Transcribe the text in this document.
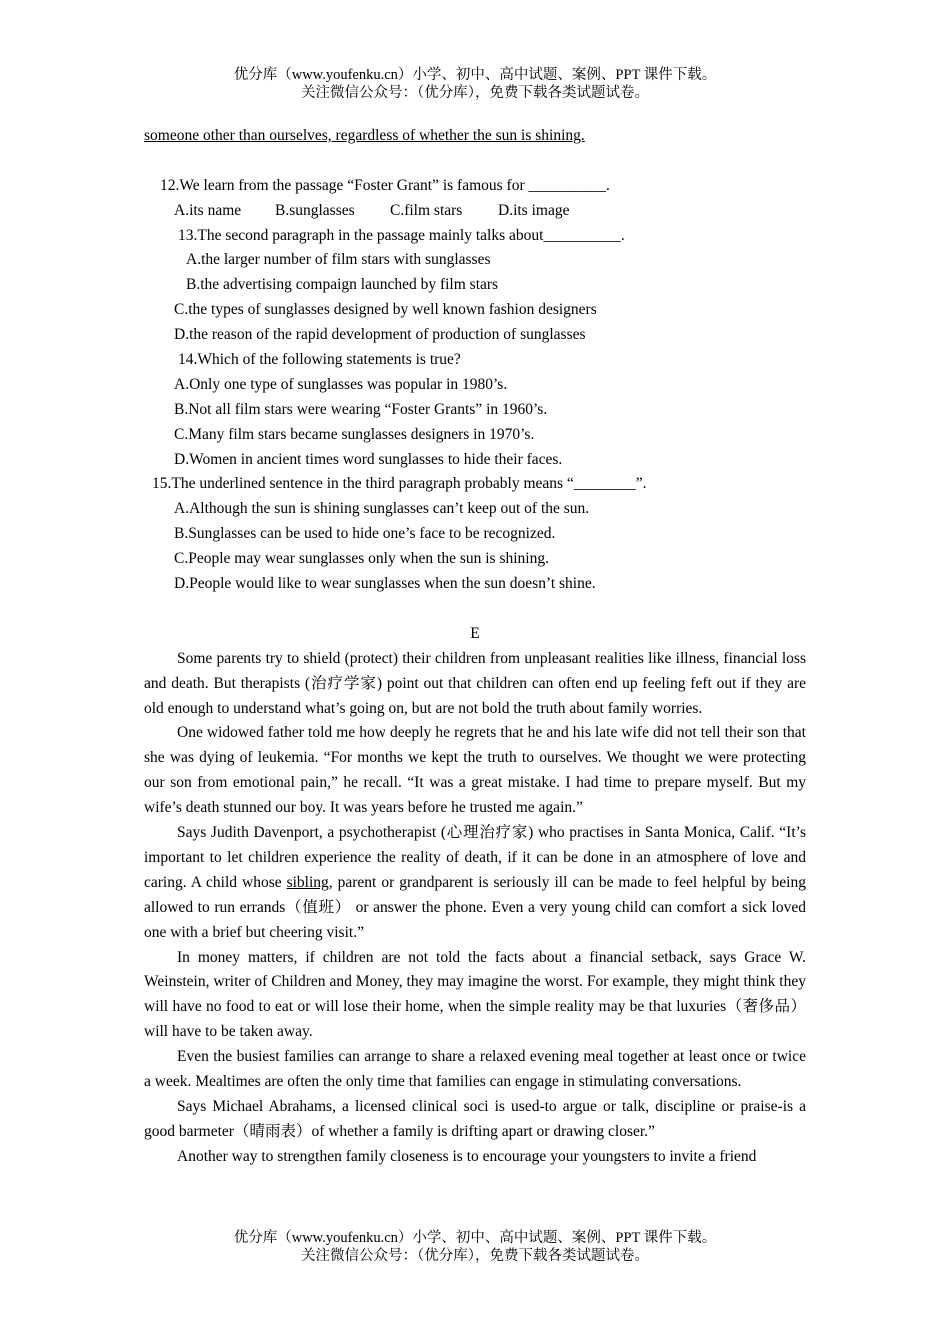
优分库（www.youfenku.cn）小学、初中、高中试题、案例、PPT 课件下载。
关注微信公众号：（优分库），免费下载各类试题试卷。
someone other than ourselves, regardless of whether the sun is shining.
12.We learn from the passage “Foster Grant” is famous for __________.
A.its name B.sunglasses C.film stars D.its image
13.The second paragraph in the passage mainly talks about__________.
A.the larger number of film stars with sunglasses
B.the advertising compaign launched by film stars
C.the types of sunglasses designed by well known fashion designers
D.the reason of the rapid development of production of sunglasses
14.Which of the following statements is true?
A.Only one type of sunglasses was popular in 1980’s.
B.Not all film stars were wearing “Foster Grants” in 1960’s.
C.Many film stars became sunglasses designers in 1970’s.
D.Women in ancient times word sunglasses to hide their faces.
15.The underlined sentence in the third paragraph probably means “________”.
A.Although the sun is shining sunglasses can’t keep out of the sun.
B.Sunglasses can be used to hide one’s face to be recognized.
C.People may wear sunglasses only when the sun is shining.
D.People would like to wear sunglasses when the sun doesn’t shine.
E

Some parents try to shield (protect) their children from unpleasant realities like illness, financial loss and death. But therapists (治疗学家) point out that children can often end up feeling feft out if they are old enough to understand what’s going on, but are not bold the truth about family worries.

One widowed father told me how deeply he regrets that he and his late wife did not tell their son that she was dying of leukemia. “For months we kept the truth to ourselves. We thought we were protecting our son from emotional pain,” he recall. “It was a great mistake. I had time to prepare myself. But my wife’s death stunned our boy. It was years before he trusted me again.”

Says Judith Davenport, a psychotherapist (心理治疗家) who practises in Santa Monica, Calif. “It’s important to let children experience the reality of death, if it can be done in an atmosphere of love and caring. A child whose sibling, parent or grandparent is seriously ill can be made to feel helpful by being allowed to run errands（值班） or answer the phone. Even a very young child can comfort a sick loved one with a brief but cheering visit.”

In money matters, if children are not told the facts about a financial setback, says Grace W. Weinstein, writer of Children and Money, they may imagine the worst. For example, they might think they will have no food to eat or will lose their home, when the simple reality may be that luxuries（奢侈品）will have to be taken away.

Even the busiest families can arrange to share a relaxed evening meal together at least once or twice a week. Mealtimes are often the only time that families can engage in stimulating conversations.

Says Michael Abrahams, a licensed clinical soci is used-to argue or talk, discipline or praise-is a good barmeter（晴雨表）of whether a family is drifting apart or drawing closer.”

Another way to strengthen family closeness is to encourage your youngsters to invite a friend

优分库（www.youfenku.cn）小学、初中、高中试题、案例、PPT 课件下载。
关注微信公众号：（优分库），免费下载各类试题试卷。
